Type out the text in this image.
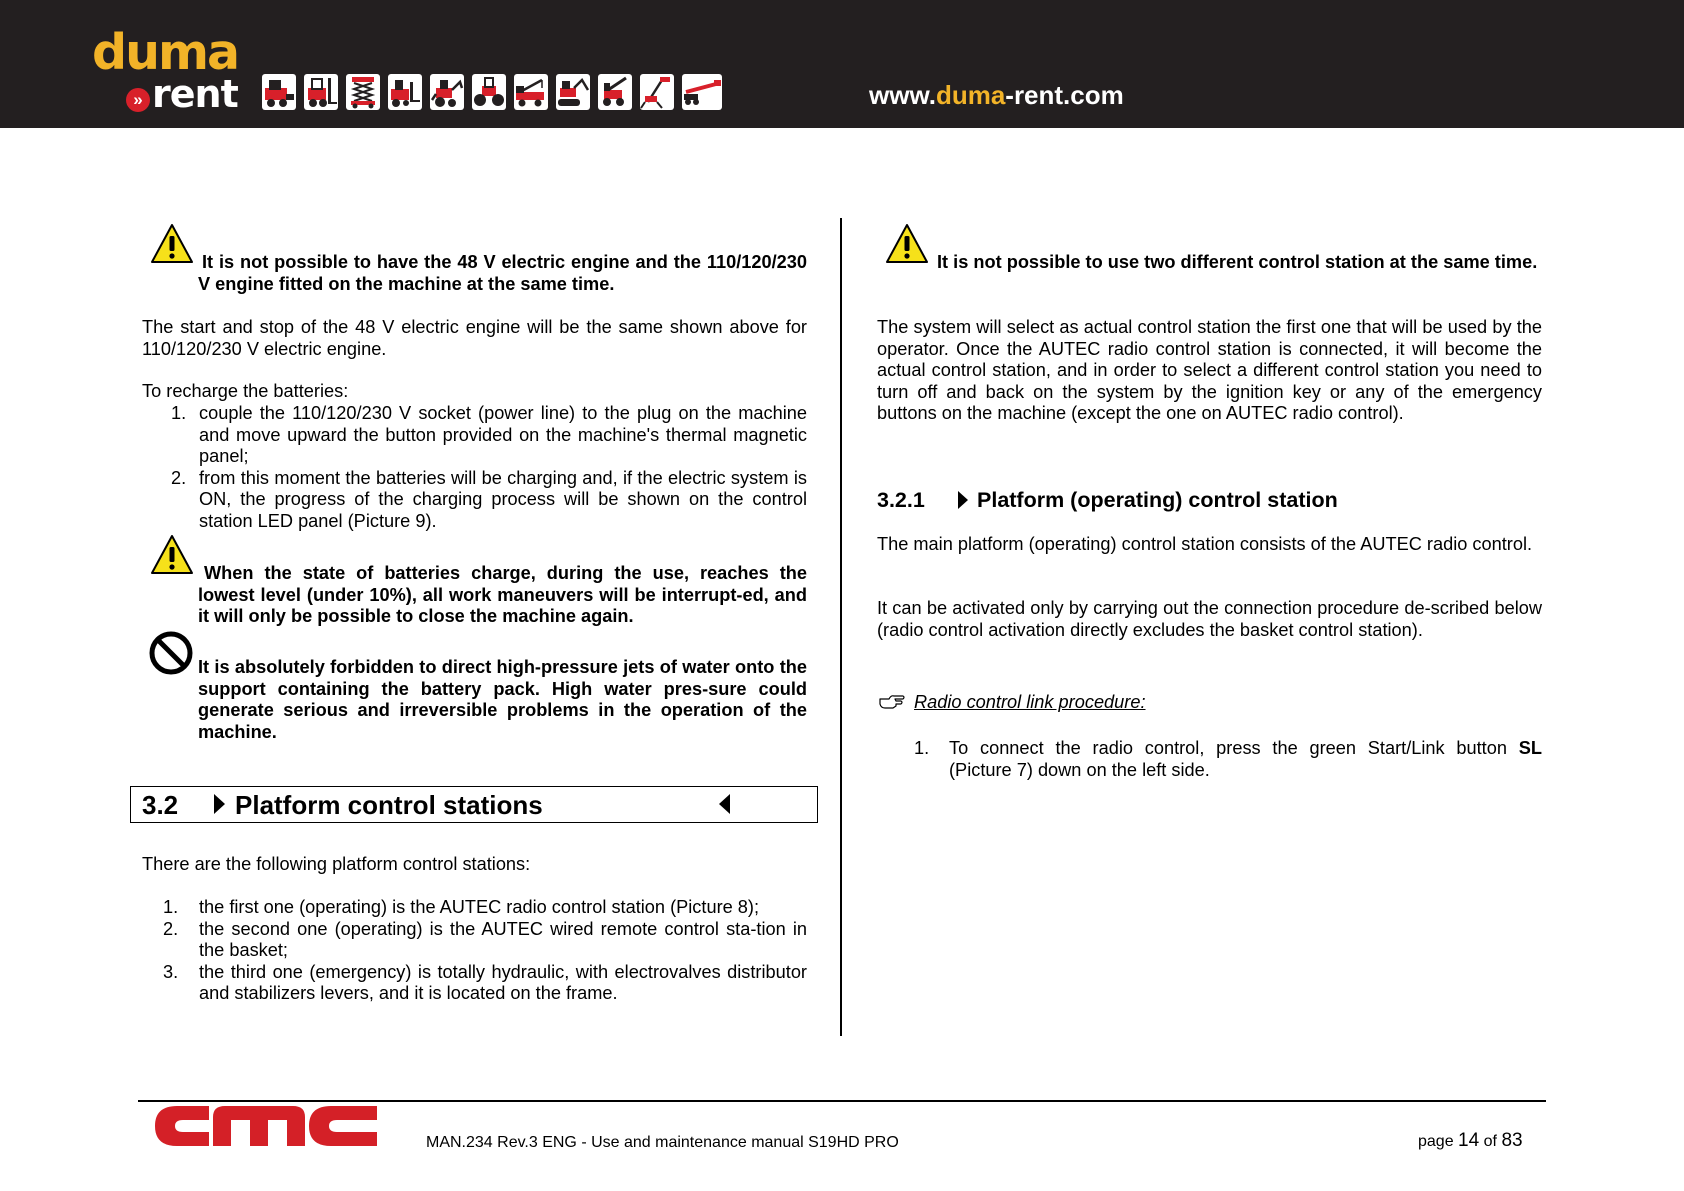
duma
» rent	www.duma-rent.com
It is not possible to have the 48 V electric engine and the 110/120/230 V engine fitted on the machine at the same time.
The start and stop of the 48 V electric engine will be the same shown above for 110/120/230 V electric engine.
To recharge the batteries:
1. couple the 110/120/230 V socket (power line) to the plug on the machine and move upward the button provided on the machine's thermal magnetic panel;
2. from this moment the batteries will be charging and, if the electric system is ON, the progress of the charging process will be shown on the control station LED panel (Picture 9).
When the state of batteries charge, during the use, reaches the lowest level (under 10%), all work maneuvers will be interrupt-ed, and it will only be possible to close the machine again.
It is absolutely forbidden to direct high-pressure jets of water onto the support containing the battery pack. High water pres-sure could generate serious and irreversible problems in the operation of the machine.
There are the following platform control stations:
1. the first one (operating) is the AUTEC radio control station (Picture 8);
2. the second one (operating) is the AUTEC wired remote control sta-tion in the basket;
3. the third one (emergency) is totally hydraulic, with electrovalves distributor and stabilizers levers, and it is located on the frame.
3.2 Platform control stations
It is not possible to use two different control station at the same time.
The system will select as actual control station the first one that will be used by the operator. Once the AUTEC radio control station is connected, it will become the actual control station, and in order to select a different control station you need to turn off and back on the system by the ignition key or any of the emergency buttons on the machine (except the one on AUTEC radio control).
3.2.1 Platform (operating) control station
The main platform (operating) control station consists of the AUTEC radio control.
It can be activated only by carrying out the connection procedure de-scribed below (radio control activation directly excludes the basket control station).
Radio control link procedure:
1. To connect the radio control, press the green Start/Link button SL (Picture 7) down on the left side.
MAN.234 Rev.3 ENG - Use and maintenance manual S19HD PRO	page 14 of 83
